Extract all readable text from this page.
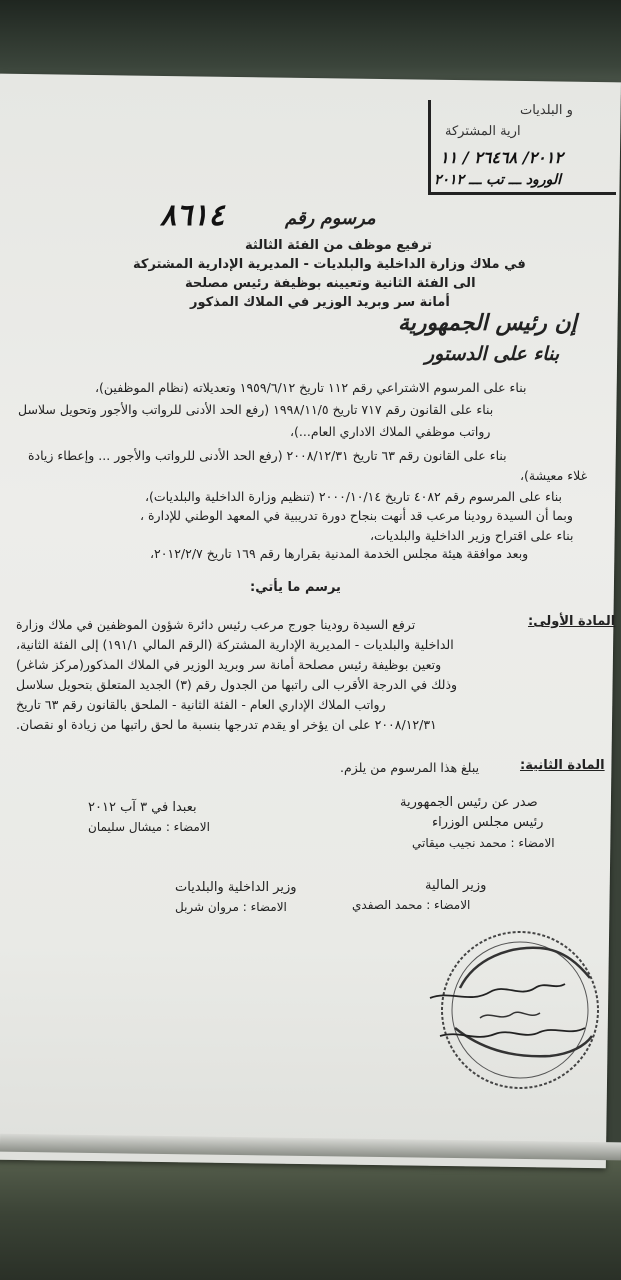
و البلديات
ارية المشتركة
٢٠١٢/ ٢٦٤٦٨ / ١١
الورود ـــ تب ـــ ٢٠١٢
مرسوم رقم
٨٦١٤
ترفيع موظف من الفئة الثالثة
في ملاك وزارة الداخلية والبلديات - المديرية الإدارية المشتركة
الى الفئة الثانية وتعيينه بوظيفة رئيس مصلحة
أمانة سر وبريد الوزير في الملاك المذكور
إن رئيس الجمهورية
بناء على الدستور
بناء على المرسوم الاشتراعي رقم ١١٢ تاريخ ١٩٥٩/٦/١٢ وتعديلاته (نظام الموظفين)،
بناء على القانون رقم ٧١٧ تاريخ ١٩٩٨/١١/٥ (رفع الحد الأدنى للرواتب والأجور وتحويل سلاسل
رواتب موظفي الملاك الاداري العام...)،
بناء على القانون رقم ٦٣ تاريخ ٢٠٠٨/١٢/٣١ (رفع الحد الأدنى للرواتب والأجور ... وإعطاء زيادة
غلاء معيشة)،
بناء على المرسوم رقم ٤٠٨٢ تاريخ ٢٠٠٠/١٠/١٤ (تنظيم وزارة الداخلية والبلديات)،
وبما أن السيدة رودينا مرعب قد أنهت بنجاح دورة تدريبية في المعهد الوطني للإدارة ،
بناء على اقتراح وزير الداخلية والبلديات،
وبعد موافقة هيئة مجلس الخدمة المدنية بقرارها رقم ١٦٩ تاريخ ٢٠١٢/٢/٧،
يرسم ما يأتي:
المادة الأولى:
ترفع السيدة رودينا جورج مرعب رئيس دائرة شؤون الموظفين في ملاك وزارة
الداخلية والبلديات - المديرية الإدارية المشتركة (الرقم المالي ١٩١/١) إلى الفئة الثانية،
وتعين بوظيفة رئيس مصلحة أمانة سر وبريد الوزير في الملاك المذكور(مركز شاغر)
وذلك في الدرجة الأقرب الى راتبها من الجدول رقم (٣) الجديد المتعلق بتحويل سلاسل
رواتب الملاك الإداري العام - الفئة الثانية - الملحق بالقانون رقم ٦٣ تاريخ
٢٠٠٨/١٢/٣١ على ان يؤخر او يقدم تدرجها بنسبة ما لحق راتبها من زيادة او نقصان.
المادة الثانية:
يبلغ هذا المرسوم من يلزم.
صدر عن رئيس الجمهورية
بعبدا في ٣ آب ٢٠١٢
الامضاء : ميشال سليمان	رئيس مجلس الوزراء
الامضاء : محمد نجيب ميقاتي
وزير الداخلية والبلديات
الامضاء : مروان شربل
وزير المالية
الامضاء : محمد الصفدي
